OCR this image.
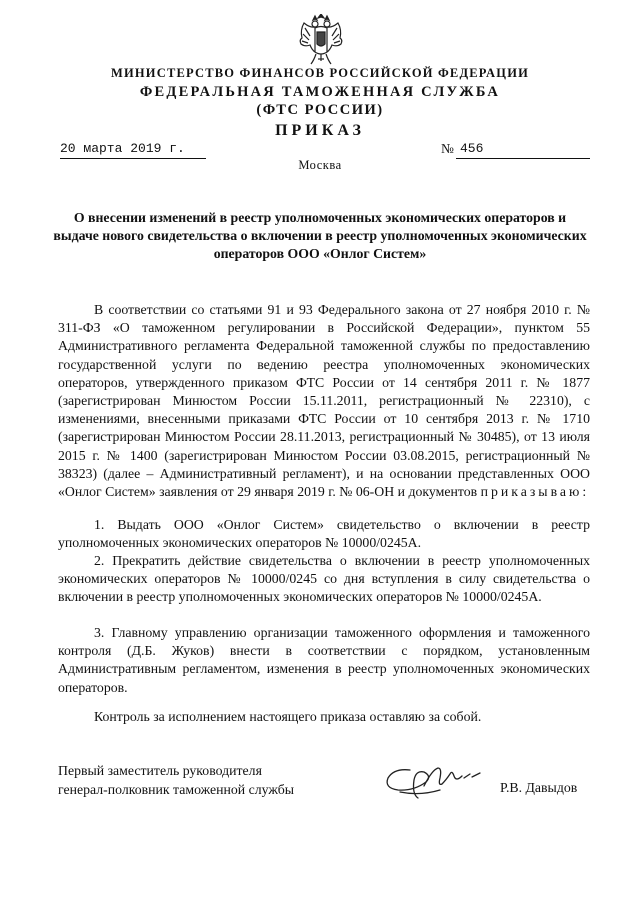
МИНИСТЕРСТВО ФИНАНСОВ РОССИЙСКОЙ ФЕДЕРАЦИИ
ФЕДЕРАЛЬНАЯ ТАМОЖЕННАЯ СЛУЖБА
(ФТС РОССИИ)
ПРИКАЗ
20 марта 2019 г.	№ 456
Москва
О внесении изменений в реестр уполномоченных экономических операторов и выдаче нового свидетельства о включении в реестр уполномоченных экономических операторов ООО «Онлог Систем»
В соответствии со статьями 91 и 93 Федерального закона от 27 ноября 2010 г. № 311-ФЗ «О таможенном регулировании в Российской Федерации», пунктом 55 Административного регламента Федеральной таможенной службы по предоставлению государственной услуги по ведению реестра уполномоченных экономических операторов, утвержденного приказом ФТС России от 14 сентября 2011 г. № 1877 (зарегистрирован Минюстом России 15.11.2011, регистрационный № 22310), с изменениями, внесенными приказами ФТС России от 10 сентября 2013 г. № 1710 (зарегистрирован Минюстом России 28.11.2013, регистрационный № 30485), от 13 июля 2015 г. № 1400 (зарегистрирован Минюстом России 03.08.2015, регистрационный № 38323) (далее – Административный регламент), и на основании представленных ООО «Онлог Систем» заявления от 29 января 2019 г. № 06-ОН и документов приказываю:
1. Выдать ООО «Онлог Систем» свидетельство о включении в реестр уполномоченных экономических операторов № 10000/0245А.
2. Прекратить действие свидетельства о включении в реестр уполномоченных экономических операторов № 10000/0245 со дня вступления в силу свидетельства о включении в реестр уполномоченных экономических операторов № 10000/0245А.
3. Главному управлению организации таможенного оформления и таможенного контроля (Д.Б. Жуков) внести в соответствии с порядком, установленным Административным регламентом, изменения в реестр уполномоченных экономических операторов.
Контроль за исполнением настоящего приказа оставляю за собой.
Первый заместитель руководителя
генерал-полковник таможенной службы	Р.В. Давыдов
